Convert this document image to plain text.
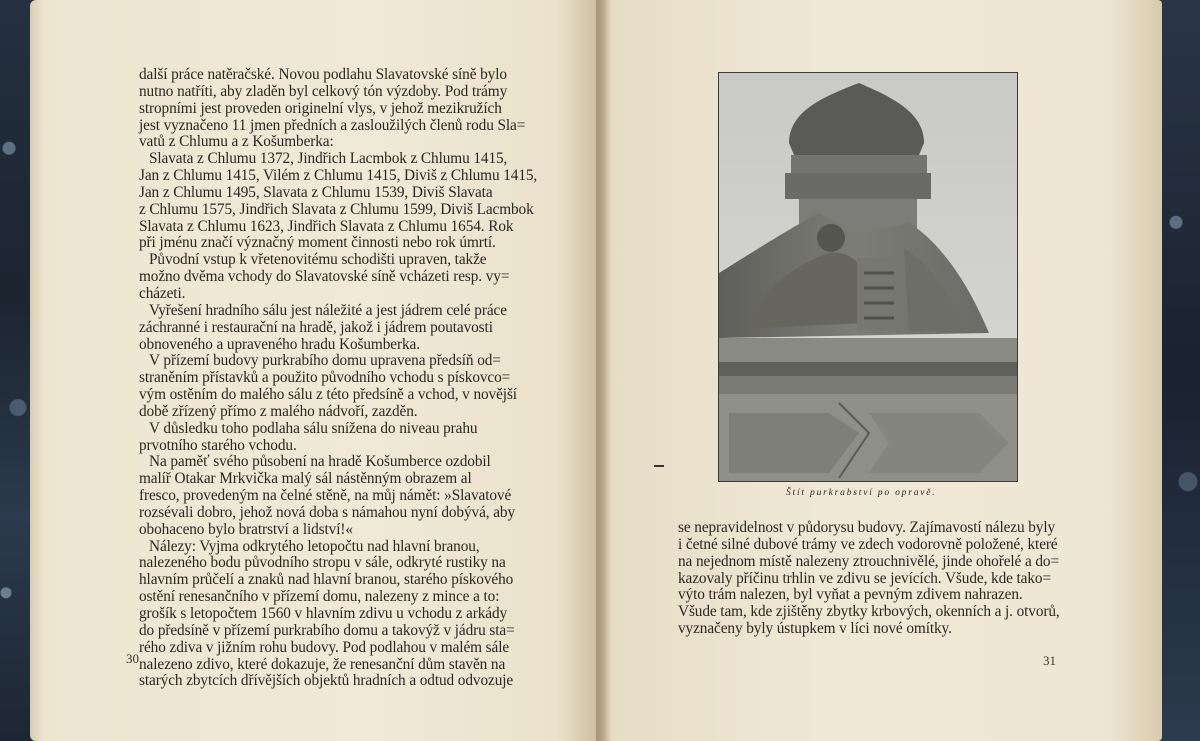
další práce natěračské. Novou podlahu Slavatovské síně bylo
nutno natříti, aby zladěn byl celkový tón výzdoby. Pod trámy
stropními jest proveden originelní vlys, v jehož mezikružích
jest vyznačeno 11 jmen předních a zasloužilých členů rodu Sla=
vatů z Chlumu a z Košumberka:
Slavata z Chlumu 1372, Jindřich Lacmbok z Chlumu 1415,
Jan z Chlumu 1415, Vilém z Chlumu 1415, Diviš z Chlumu 1415,
Jan z Chlumu 1495, Slavata z Chlumu 1539, Diviš Slavata
z Chlumu 1575, Jindřich Slavata z Chlumu 1599, Diviš Lacmbok
Slavata z Chlumu 1623, Jindřich Slavata z Chlumu 1654. Rok
při jménu značí význačný moment činnosti nebo rok úmrtí.
Původní vstup k vřetenovitému schodišti upraven, takže
možno dvěma vchody do Slavatovské síně vcházeti resp. vy=
cházeti.
Vyřešení hradního sálu jest náležité a jest jádrem celé práce
záchranné i restaurační na hradě, jakož i jádrem poutavosti
obnoveného a upraveného hradu Košumberka.
V přízemí budovy purkrabího domu upravena předsíň od=
straněním přístavků a použito původního vchodu s pískovco=
vým ostěním do malého sálu z této předsíně a vchod, v novější
době zřízený přímo z malého nádvoří, zazděn.
V důsledku toho podlaha sálu snížena do niveau prahu
prvotního starého vchodu.
Na paměť svého působení na hradě Košumberce ozdobil
malíř Otakar Mrkvička malý sál nástěnným obrazem al
fresco, provedeným na čelné stěně, na můj námět: »Slavatové
rozsévali dobro, jehož nová doba s námahou nyní dobývá, aby
obohaceno bylo bratrství a lidství!«
Nálezy: Vyjma odkrytého letopočtu nad hlavní branou,
nalezeného bodu původního stropu v sále, odkryté rustiky na
hlavním průčelí a znaků nad hlavní branou, starého pískového
ostění renesančního v přízemí domu, nalezeny z mince a to:
grošík s letopočtem 1560 v hlavním zdivu u vchodu z arkády
do předsíně v přízemí purkrabího domu a takovýž v jádru sta=
rého zdiva v jižním rohu budovy. Pod podlahou v malém sále
nalezeno zdivo, které dokazuje, že renesanční dům stavěn na
starých zbytcích dřívějších objektů hradních a odtud odvozuje
30
Štít purkrabství po opravě.
se nepravidelnost v půdorysu budovy. Zajímavostí nálezu byly
i četné silné dubové trámy ve zdech vodorovně položené, které
na nejednom místě nalezeny ztrouchnivělé, jinde ohořelé a do=
kazovaly příčinu trhlin ve zdivu se jevících. Všude, kde tako=
výto trám nalezen, byl vyňat a pevným zdivem nahrazen.
Všude tam, kde zjištěny zbytky krbových, okenních a j. otvorů,
vyznačeny byly ústupkem v líci nové omítky.
31
